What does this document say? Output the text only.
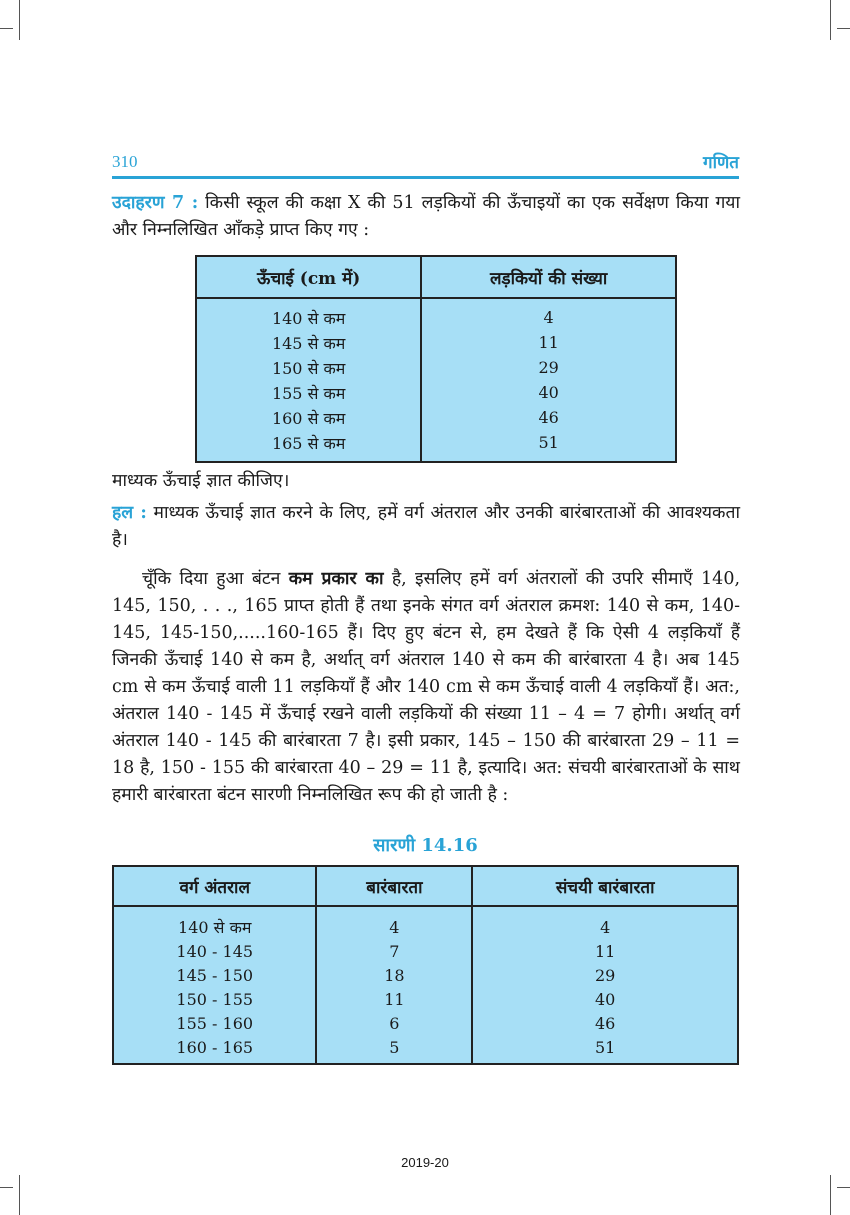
310	गणित
उदाहरण 7 : किसी स्कूल की कक्षा X की 51 लड़कियों की ऊँचाइयों का एक सर्वेक्षण किया गया और निम्नलिखित आँकड़े प्राप्त किए गए :
ऊँचाई (cm में)	लड़कियों की संख्या
140 से कम	4
145 से कम	11
150 से कम	29
155 से कम	40
160 से कम	46
165 से कम	51
माध्यक ऊँचाई ज्ञात कीजिए।
हल : माध्यक ऊँचाई ज्ञात करने के लिए, हमें वर्ग अंतराल और उनकी बारंबारताओं की आवश्यकता है।
चूँकि दिया हुआ बंटन कम प्रकार का है, इसलिए हमें वर्ग अंतरालों की उपरि सीमाएँ 140, 145, 150, . . ., 165 प्राप्त होती हैं तथा इनके संगत वर्ग अंतराल क्रमश: 140 से कम, 140-145, 145-150,.....160-165 हैं। दिए हुए बंटन से, हम देखते हैं कि ऐसी 4 लड़कियाँ हैं जिनकी ऊँचाई 140 से कम है, अर्थात् वर्ग अंतराल 140 से कम की बारंबारता 4 है। अब 145 cm से कम ऊँचाई वाली 11 लड़कियाँ हैं और 140 cm से कम ऊँचाई वाली 4 लड़कियाँ हैं। अत:, अंतराल 140 - 145 में ऊँचाई रखने वाली लड़कियों की संख्या 11 – 4 = 7 होगी। अर्थात् वर्ग अंतराल 140 - 145 की बारंबारता 7 है। इसी प्रकार, 145 – 150 की बारंबारता 29 – 11 = 18 है, 150 - 155 की बारंबारता 40 – 29 = 11 है, इत्यादि। अत: संचयी बारंबारताओं के साथ हमारी बारंबारता बंटन सारणी निम्नलिखित रूप की हो जाती है :
सारणी 14.16
वर्ग अंतराल	बारंबारता	संचयी बारंबारता
140 से कम	4	4
140 - 145	7	11
145 - 150	18	29
150 - 155	11	40
155 - 160	6	46
160 - 165	5	51
2019-20
